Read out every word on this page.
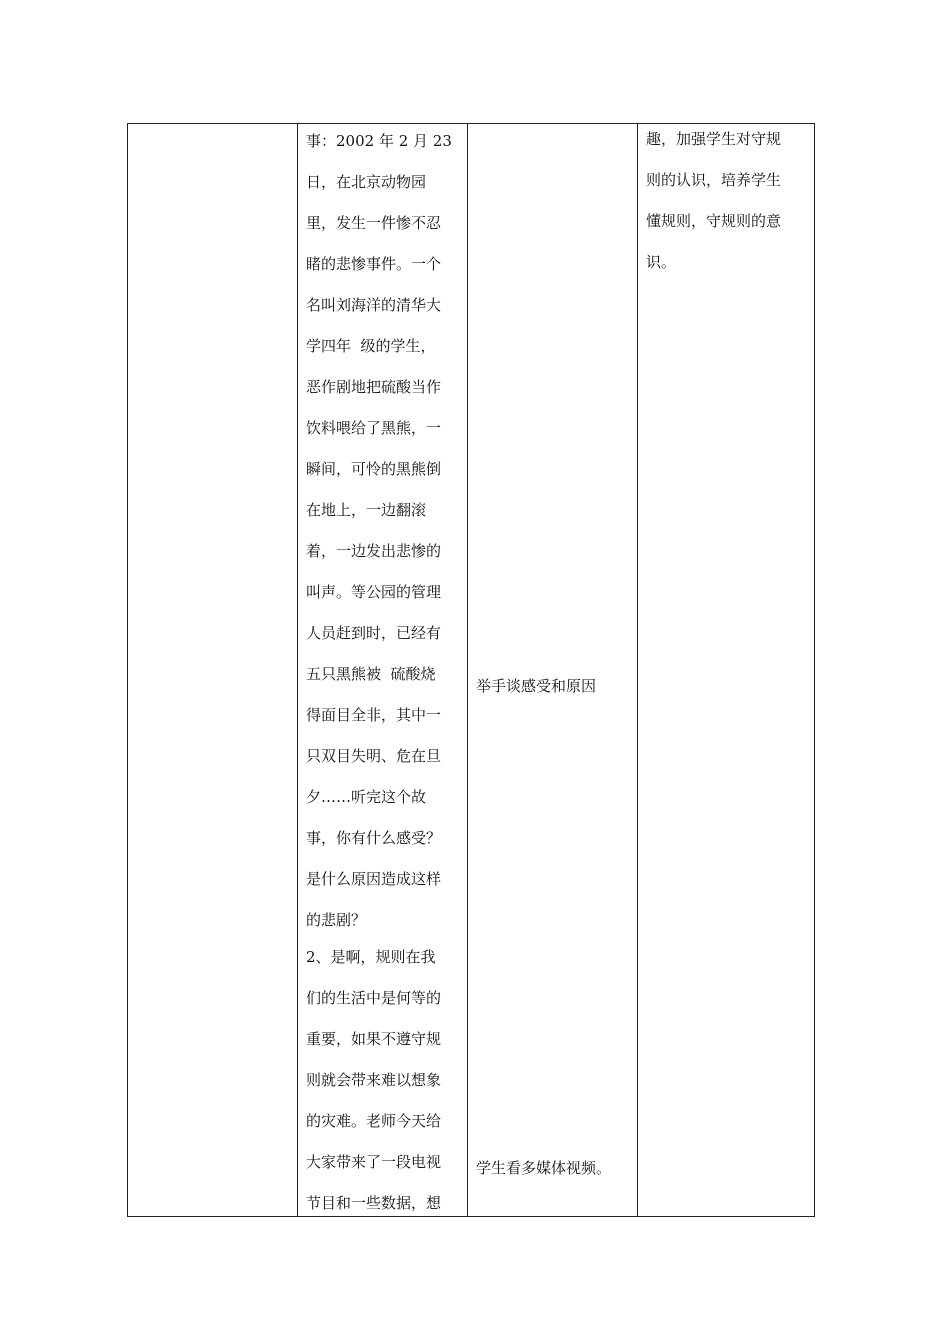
事：2002 年 2 月 23
日，在北京动物园
里，发生一件惨不忍
睹的悲惨事件。一个
名叫刘海洋的清华大
学四年  级的学生，
恶作剧地把硫酸当作
饮料喂给了黑熊，一
瞬间，可怜的黑熊倒
在地上，一边翻滚
着，一边发出悲惨的
叫声。等公园的管理
人员赶到时，已经有
五只黑熊被  硫酸烧
得面目全非，其中一
只双目失明、危在旦
夕……听完这个故
事，你有什么感受？
是什么原因造成这样
的悲剧？
2、是啊，规则在我
们的生活中是何等的
重要，如果不遵守规
则就会带来难以想象
的灾难。老师今天给
大家带来了一段电视
节目和一些数据，想
举手谈感受和原因
学生看多媒体视频。
趣，加强学生对守规
则的认识，培养学生
懂规则，守规则的意
识。
